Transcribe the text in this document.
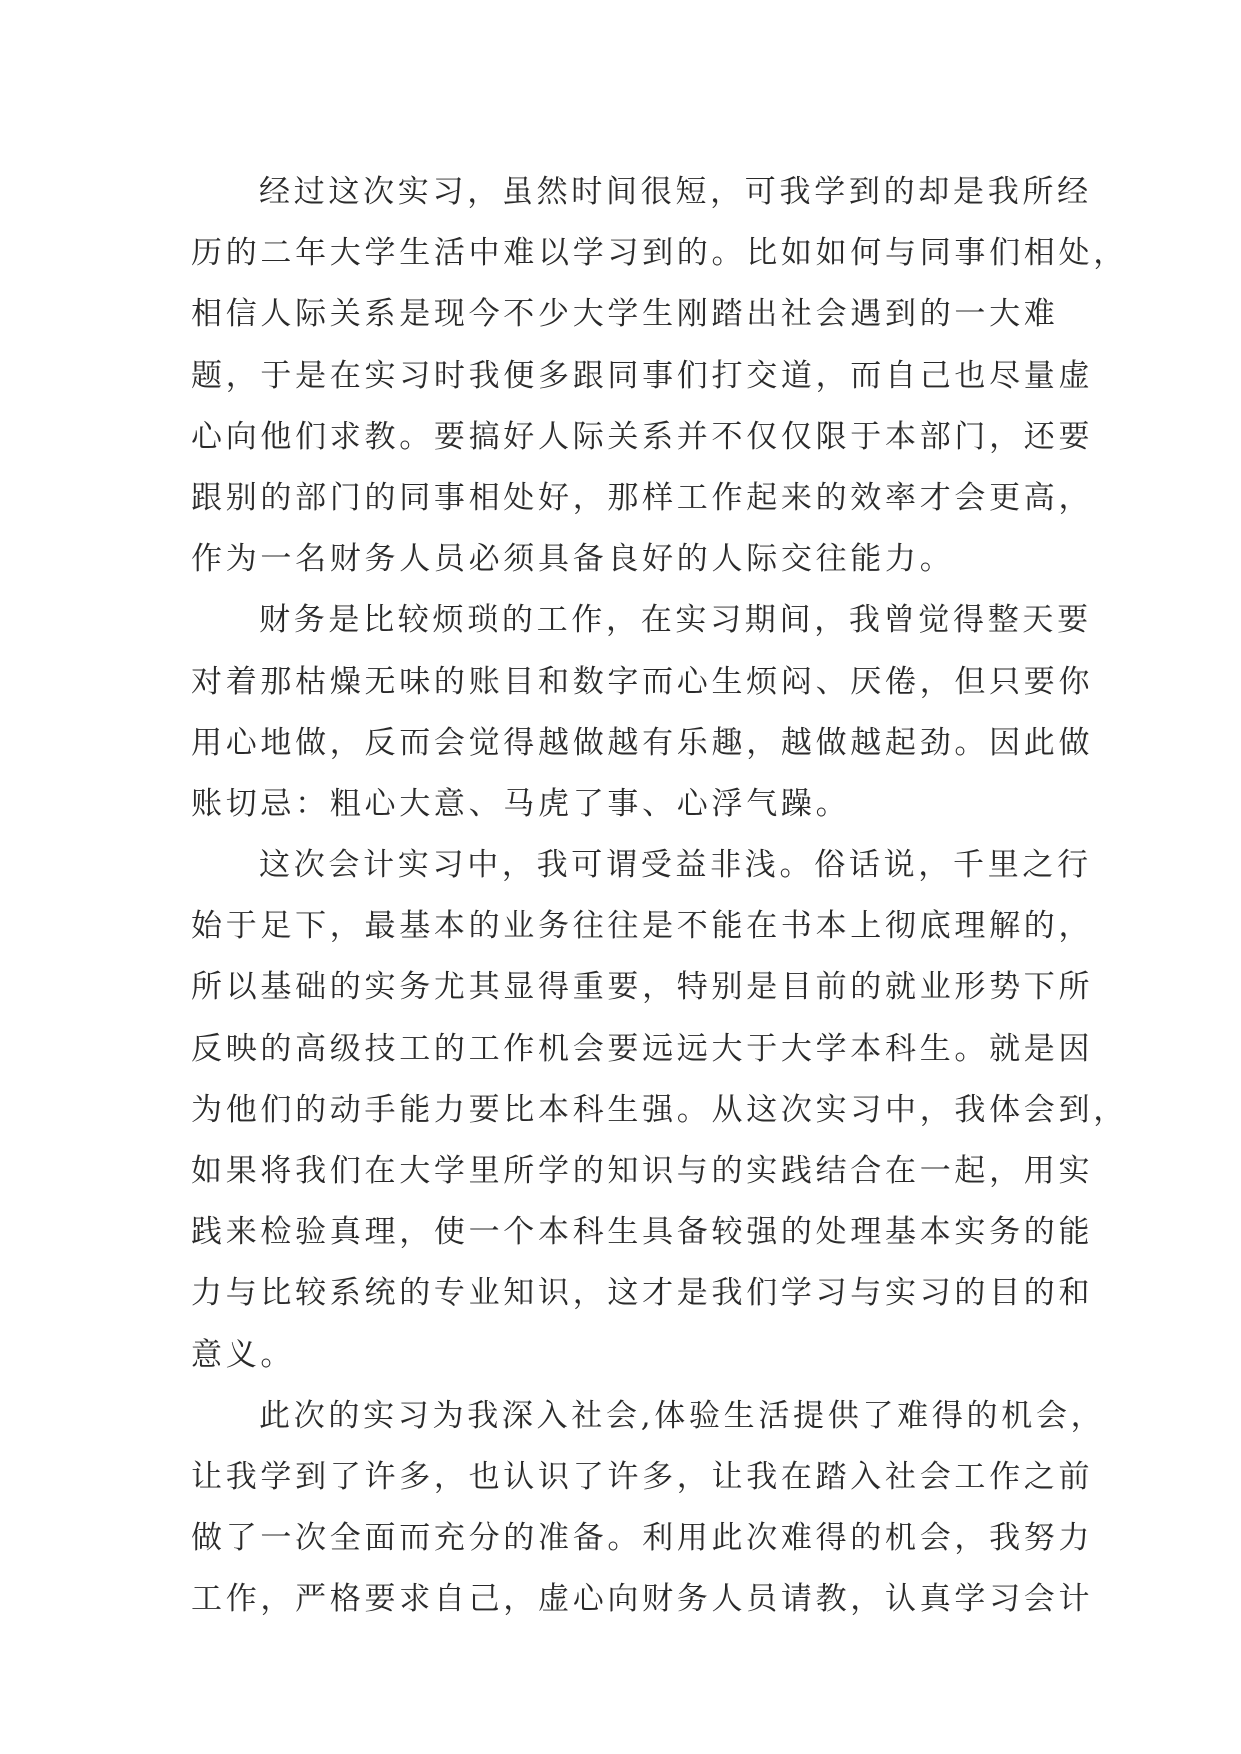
经过这次实习，虽然时间很短，可我学到的却是我所经
历的二年大学生活中难以学习到的。比如如何与同事们相处，
相信人际关系是现今不少大学生刚踏出社会遇到的一大难
题，于是在实习时我便多跟同事们打交道，而自己也尽量虚
心向他们求教。要搞好人际关系并不仅仅限于本部门，还要
跟别的部门的同事相处好，那样工作起来的效率才会更高，
作为一名财务人员必须具备良好的人际交往能力。
财务是比较烦琐的工作，在实习期间，我曾觉得整天要
对着那枯燥无味的账目和数字而心生烦闷、厌倦，但只要你
用心地做，反而会觉得越做越有乐趣，越做越起劲。因此做
账切忌：粗心大意、马虎了事、心浮气躁。
这次会计实习中，我可谓受益非浅。俗话说，千里之行
始于足下，最基本的业务往往是不能在书本上彻底理解的，
所以基础的实务尤其显得重要，特别是目前的就业形势下所
反映的高级技工的工作机会要远远大于大学本科生。就是因
为他们的动手能力要比本科生强。从这次实习中，我体会到，
如果将我们在大学里所学的知识与的实践结合在一起，用实
践来检验真理，使一个本科生具备较强的处理基本实务的能
力与比较系统的专业知识，这才是我们学习与实习的目的和
意义。
此次的实习为我深入社会,体验生活提供了难得的机会，
让我学到了许多，也认识了许多，让我在踏入社会工作之前
做了一次全面而充分的准备。利用此次难得的机会，我努力
工作，严格要求自己，虚心向财务人员请教，认真学习会计
